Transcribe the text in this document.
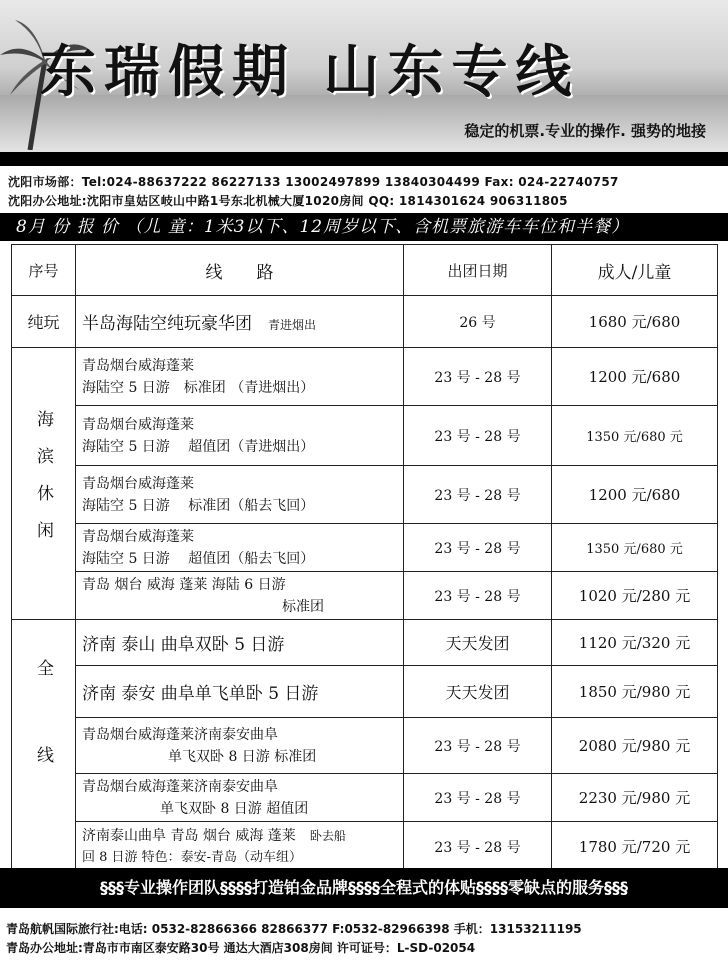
东瑞假期 山东专线
稳定的机票.专业的操作. 强势的地接
沈阳市场部：Tel:024-88637222 86227133 13002497899 13840304499 Fax: 024-22740757
沈阳办公地址:沈阳市皇姑区岐山中路1号东北机械大厦1020房间 QQ: 1814301624 906311805
8月 份 报 价 （儿 童：1米3以下、12周岁以下、含机票旅游车车位和半餐）
序号	线　　路	出团日期	成人/儿童
纯玩	半岛海陆空纯玩豪华团　 青进烟出	26 号	1680 元/680

海滨休闲	青岛烟台威海蓬莱
海陆空 5 日游　标准团 （青进烟出）	23 号 - 28 号	1200 元/680

	青岛烟台威海蓬莱
海陆空 5 日游　 超值团（青进烟出）	23 号 - 28 号	1350 元/680 元

	青岛烟台威海蓬莱
海陆空 5 日游　 标准团（船去飞回）	23 号 - 28 号	1200 元/680

	青岛烟台威海蓬莱
海陆空 5 日游　 超值团（船去飞回）	23 号 - 28 号	1350 元/680 元

	青岛 烟台 威海 蓬莱 海陆 6 日游
标准团	23 号 - 28 号	1020 元/280 元

全线	济南 泰山 曲阜双卧 5 日游	天天发团	1120 元/320 元
	济南 泰安 曲阜单飞单卧 5 日游	天天发团	1850 元/980 元

	青岛烟台威海蓬莱济南泰安曲阜
单飞双卧 8 日游 标准团	23 号 - 28 号	2080 元/980 元

	青岛烟台威海蓬莱济南泰安曲阜
单飞双卧 8 日游 超值团	23 号 - 28 号	2230 元/980 元

	济南泰山曲阜 青岛 烟台 威海 蓬莱　 卧去船
回 8 日游 特色：泰安-青岛（动车组）	23 号 - 28 号	1780 元/720 元
§§§专业操作团队§§§§打造铂金品牌§§§§全程式的体贴§§§§零缺点的服务§§§
青岛航帆国际旅行社:电话: 0532-82866366 82866377 F:0532-82966398 手机：13153211195
青岛办公地址:青岛市市南区泰安路30号 通达大酒店308房间 许可证号：L-SD-02054
